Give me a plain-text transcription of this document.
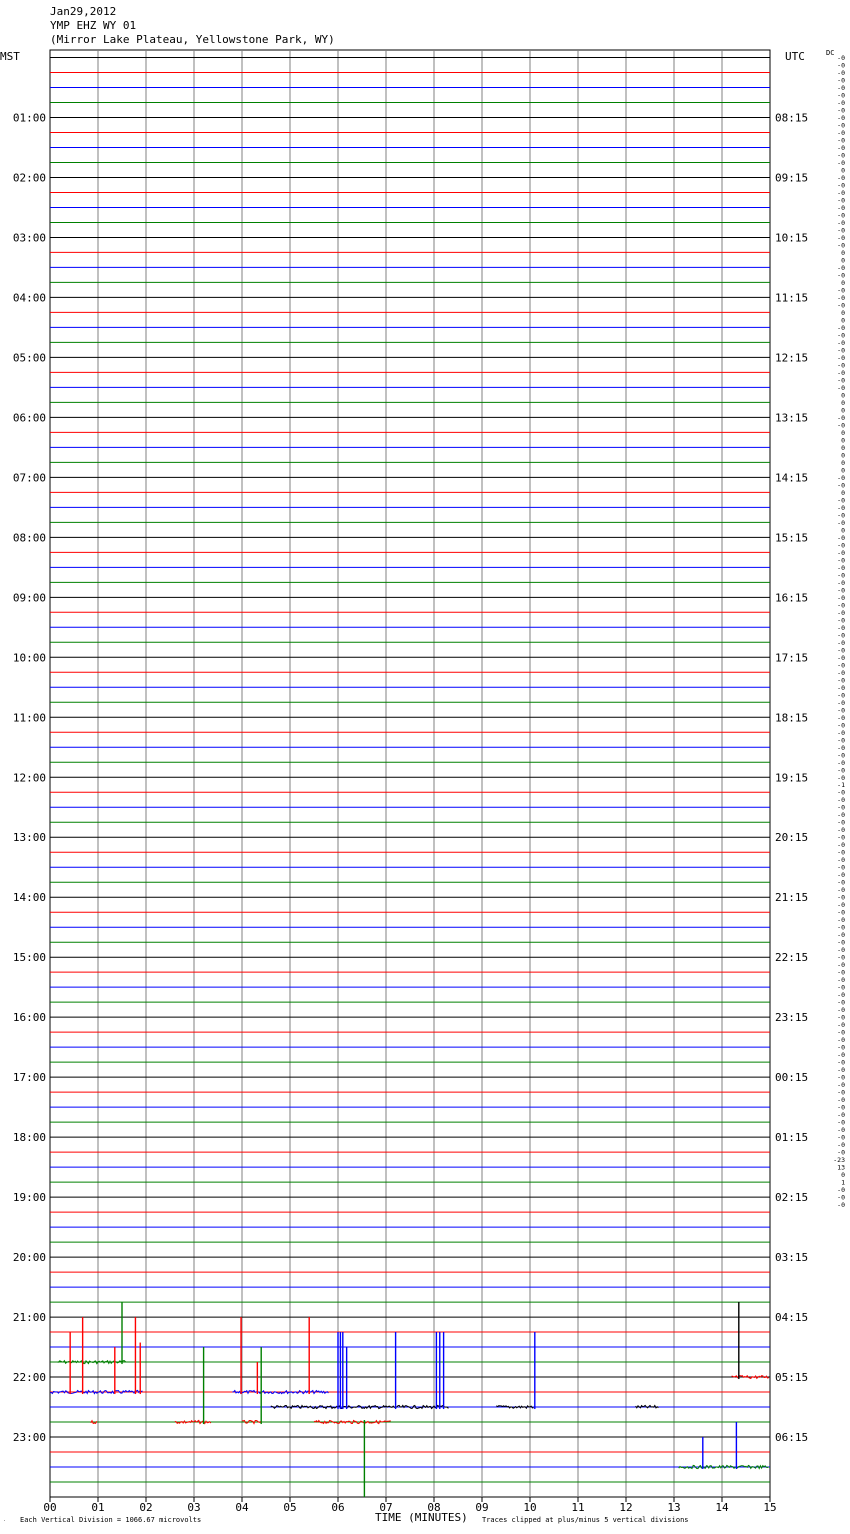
Jan29,2012
YMP EHZ WY 01
(Mirror Lake Plateau, Yellowstone Park, WY)
MST	UTC	DC
01:00	08:15
02:00	09:15
03:00	10:15
04:00	11:15
05:00	12:15
06:00	13:15
07:00	14:15
08:00	15:15
09:00	16:15
10:00	17:15
11:00	18:15
12:00	19:15
13:00	20:15
14:00	21:15
15:00	22:15
16:00	23:15
17:00	00:15
18:00	01:15
19:00	02:15
20:00	03:15
21:00	04:15
22:00	05:15
23:00	06:15
-0
-0
-0
-0
-0
-0
-0
-0
-0
-0
-0
-0
-0
-0
-0
0
-0
-0
-0
-0
-0
-0
-0
-0
-0
-0
0
0
-0
-0
0
-0
-0
-0
0
0
-0
-0
-0
-0
-0
-0
-0
-0
-0
0
0
0
-0
-0
0
0
0
0
0
0
-0
-0
0
-0
-0
-0
-0
0
-0
-0
-0
-0
-0
-0
-0
-0
-0
-0
-0
-0
-0
-0
-0
-0
-0
-0
-0
-0
-0
-0
-0
-0
-0
-0
-0
-0
-0
-0
-0
-0
-0
-1
-0
-0
-0
-0
-0
-0
-0
-0
-0
-0
-0
-0
-0
-0
-0
-0
-0
-0
-0
-0
-0
-0
-0
-0
-0
-0
-0
-0
-0
-0
-0
-0
-0
-0
-0
-0
-0
-0
-0
-0
-0
-0
-0
-0
-0
-0
-0
-0
-0
-23
13
0
1
-0
-0
-0
00	01	02	03	04	05	06	07	08	09	10	11	12	13	14	15
′	TIME (MINUTES)
Each Vertical Division = 1066.67 microvolts	Traces clipped at plus/minus 5 vertical divisions
